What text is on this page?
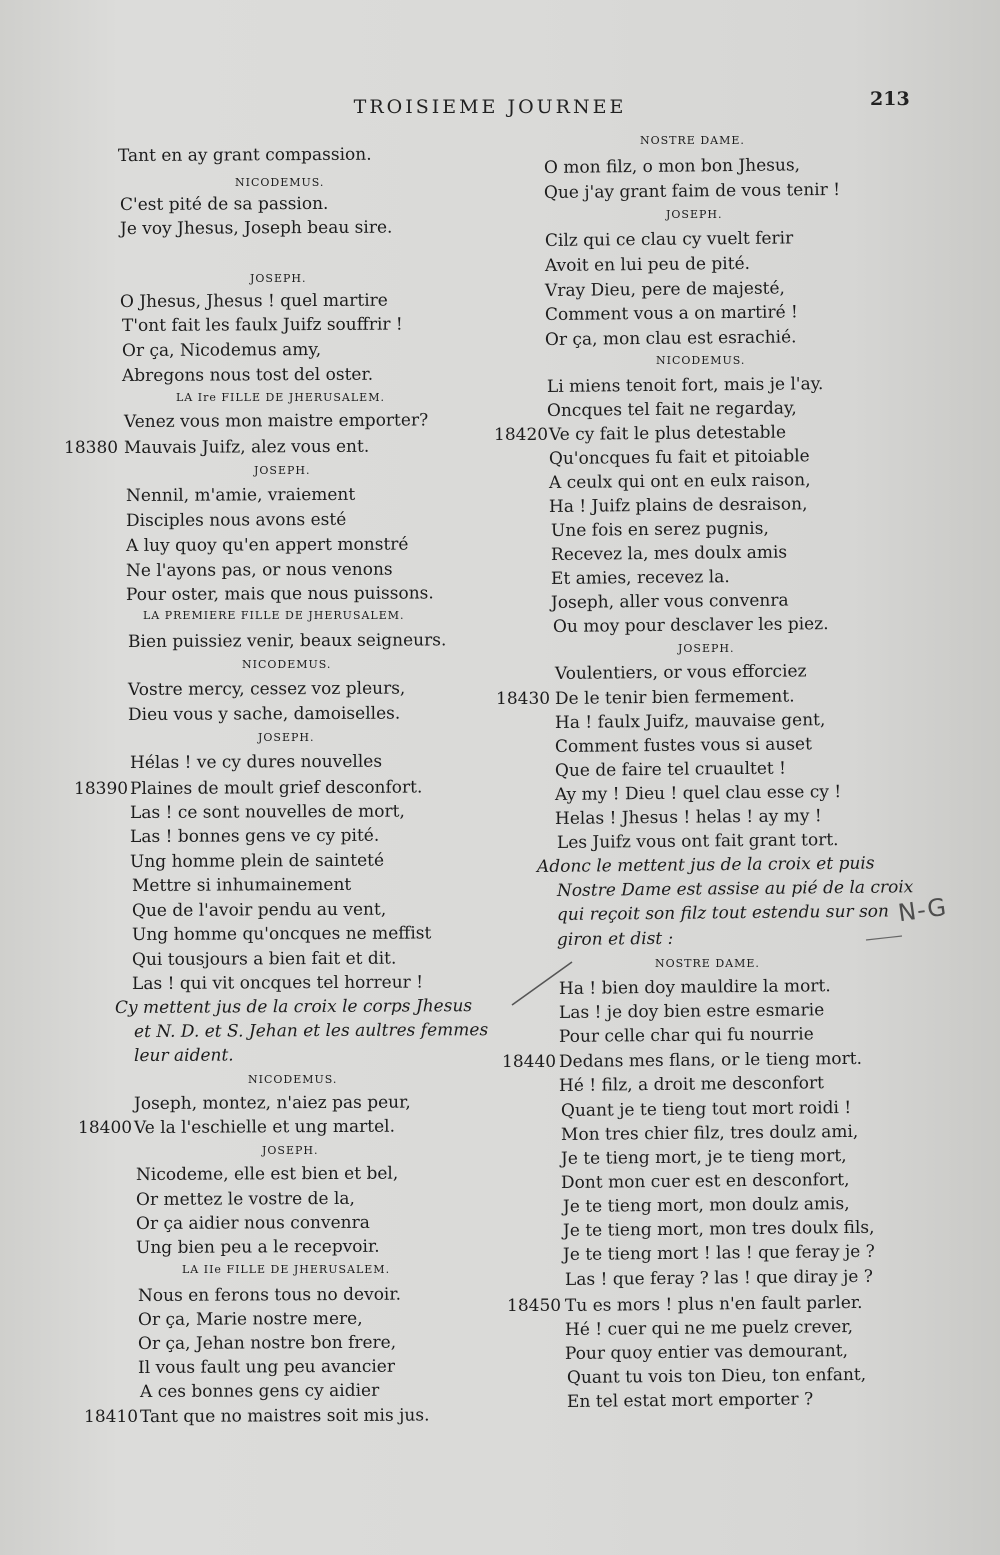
TROISIEME JOURNEE	213
Tant en ay grant compassion.
NICODEMUS.
C'est pité de sa passion.
Je voy Jhesus, Joseph beau sire.
JOSEPH.
O Jhesus, Jhesus ! quel martire
T'ont fait les faulx Juifz souffrir !
Or ça, Nicodemus amy,
Abregons nous tost del oster.
LA Ire FILLE DE JHERUSALEM.
Venez vous mon maistre emporter?
18380 Mauvais Juifz, alez vous ent.
JOSEPH.
Nennil, m'amie, vraiement
Disciples nous avons esté
A luy quoy qu'en appert monstré
Ne l'ayons pas, or nous venons
Pour oster, mais que nous puissons.
LA PREMIERE FILLE DE JHERUSALEM.
Bien puissiez venir, beaux seigneurs.
NICODEMUS.
Vostre mercy, cessez voz pleurs,
Dieu vous y sache, damoiselles.
JOSEPH.
Hélas ! ve cy dures nouvelles
18390 Plaines de moult grief desconfort.
Las ! ce sont nouvelles de mort,
Las ! bonnes gens ve cy pité.
Ung homme plein de sainteté
Mettre si inhumainement
Que de l'avoir pendu au vent,
Ung homme qu'oncques ne meffist
Qui tousjours a bien fait et dit.
Las ! qui vit oncques tel horreur !
Cy mettent jus de la croix le corps Jhesus
et N. D. et S. Jehan et les aultres femmes
leur aident.
NICODEMUS.
Joseph, montez, n'aiez pas peur,
18400 Ve la l'eschielle et ung martel.
JOSEPH.
Nicodeme, elle est bien et bel,
Or mettez le vostre de la,
Or ça aidier nous convenra
Ung bien peu a le recepvoir.
LA IIe FILLE DE JHERUSALEM.
Nous en ferons tous no devoir.
Or ça, Marie nostre mere,
Or ça, Jehan nostre bon frere,
Il vous fault ung peu avancier
A ces bonnes gens cy aidier
18410 Tant que no maistres soit mis jus.
NOSTRE DAME.
O mon filz, o mon bon Jhesus,
Que j'ay grant faim de vous tenir !
JOSEPH.
Cilz qui ce clau cy vuelt ferir
Avoit en lui peu de pité.
Vray Dieu, pere de majesté,
Comment vous a on martiré !
Or ça, mon clau est esrachié.
NICODEMUS.
Li miens tenoit fort, mais je l'ay.
Oncques tel fait ne regarday,
18420 Ve cy fait le plus detestable
Qu'oncques fu fait et pitoiable
A ceulx qui ont en eulx raison,
Ha ! Juifz plains de desraison,
Une fois en serez pugnis,
Recevez la, mes doulx amis
Et amies, recevez la.
Joseph, aller vous convenra
Ou moy pour desclaver les piez.
JOSEPH.
Voulentiers, or vous efforciez
18430 De le tenir bien fermement.
Ha ! faulx Juifz, mauvaise gent,
Comment fustes vous si auset
Que de faire tel cruaultet !
Ay my ! Dieu ! quel clau esse cy !
Helas ! Jhesus ! helas ! ay my !
Les Juifz vous ont fait grant tort.
Adonc le mettent jus de la croix et puis
Nostre Dame est assise au pié de la croix
qui reçoit son filz tout estendu sur son
giron et dist :
NOSTRE DAME.
Ha ! bien doy mauldire la mort.
Las ! je doy bien estre esmarie
Pour celle char qui fu nourrie
18440 Dedans mes flans, or le tieng mort.
Hé ! filz, a droit me desconfort
Quant je te tieng tout mort roidi !
Mon tres chier filz, tres doulz ami,
Je te tieng mort, je te tieng mort,
Dont mon cuer est en desconfort,
Je te tieng mort, mon doulz amis,
Je te tieng mort, mon tres doulx fils,
Je te tieng mort ! las ! que feray je ?
Las ! que feray ? las ! que diray je ?
18450 Tu es mors ! plus n'en fault parler.
Hé ! cuer qui ne me puelz crever,
Pour quoy entier vas demourant,
Quant tu vois ton Dieu, ton enfant,
En tel estat mort emporter ?
N-G
